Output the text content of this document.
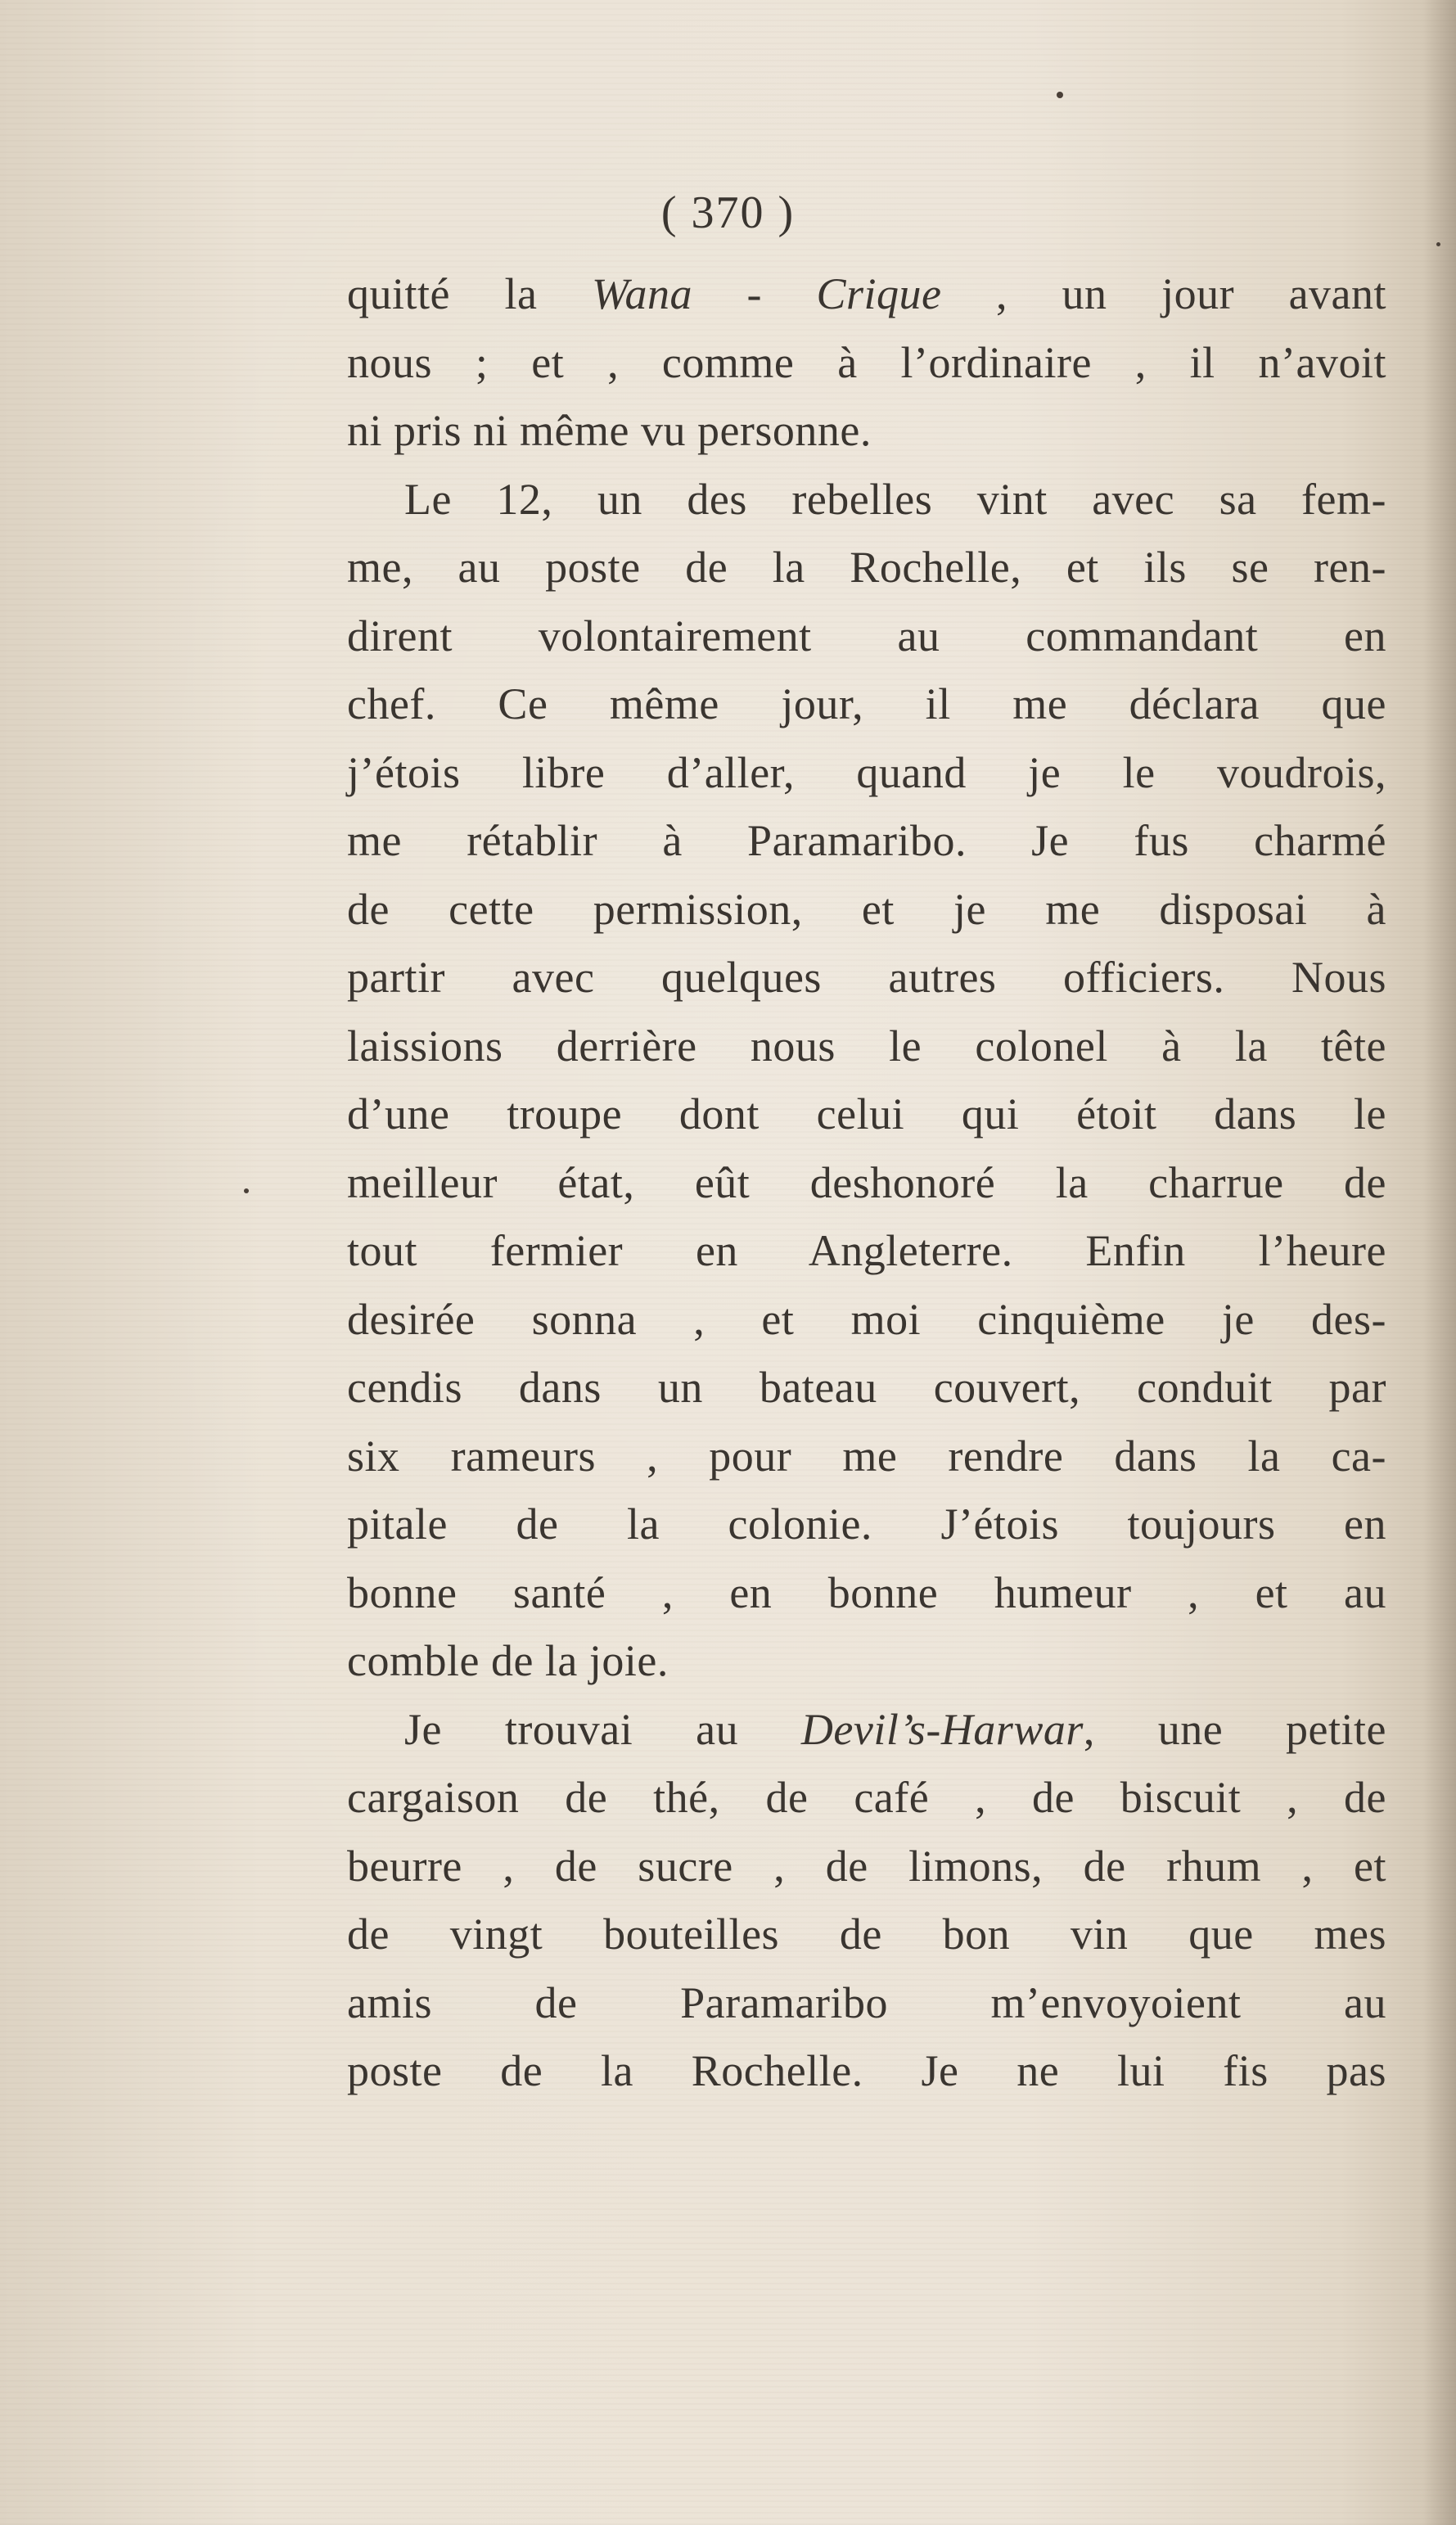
( 370 )
quitté la Wana - Crique , un jour avant
nous ; et , comme à l’ordinaire , il n’avoit
ni pris ni même vu personne.
Le 12, un des rebelles vint avec sa fem-
me, au poste de la Rochelle, et ils se ren-
dirent volontairement au commandant en
chef. Ce même jour, il me déclara que
j’étois libre d’aller, quand je le voudrois,
me rétablir à Paramaribo. Je fus charmé
de cette permission, et je me disposai à
partir avec quelques autres officiers. Nous
laissions derrière nous le colonel à la tête
d’une troupe dont celui qui étoit dans le
meilleur état, eût deshonoré la charrue de
tout fermier en Angleterre. Enfin l’heure
desirée sonna , et moi cinquième je des-
cendis dans un bateau couvert, conduit par
six rameurs , pour me rendre dans la ca-
pitale de la colonie. J’étois toujours en
bonne santé , en bonne humeur , et au
comble de la joie.
Je trouvai au Devil’s-Harwar, une petite
cargaison de thé, de café , de biscuit , de
beurre , de sucre , de limons, de rhum , et
de vingt bouteilles de bon vin que mes
amis de Paramaribo m’envoyoient au
poste de la Rochelle. Je ne lui fis pas
